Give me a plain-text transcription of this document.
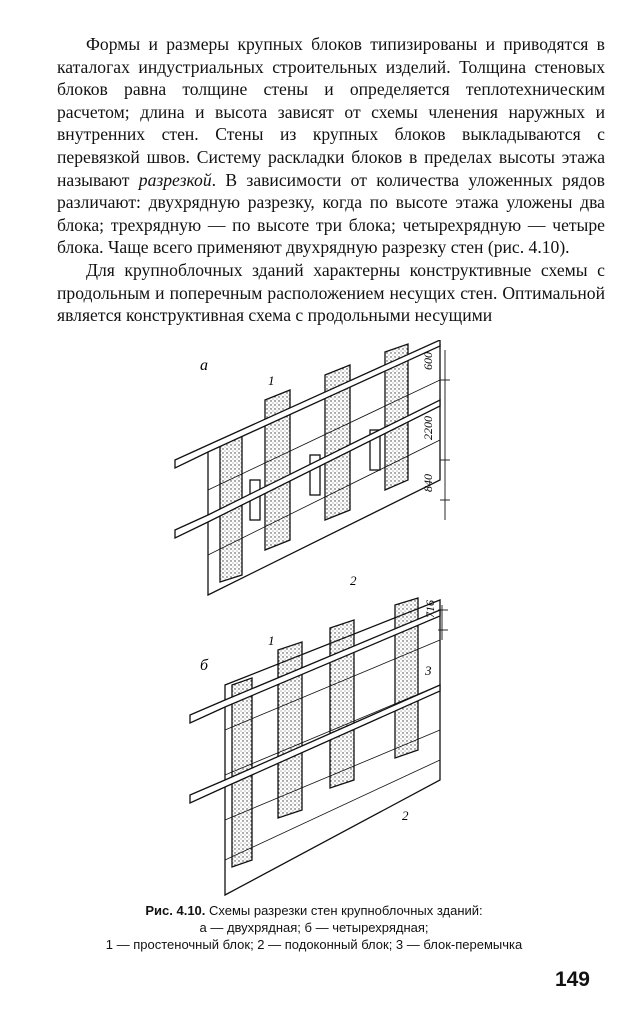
Формы и размеры крупных блоков типизированы и приводятся в каталогах индустриальных строительных изделий. Толщина стеновых блоков равна толщине стены и определяется теплотехническим расчетом; длина и высота зависят от схемы членения наружных и внутренних стен. Стены из крупных блоков выкладываются с перевязкой швов. Систему раскладки блоков в пределах высоты этажа называют разрезкой. В зависимости от количества уложенных рядов различают: двухрядную разрезку, когда по высоте этажа уложены два блока; трехрядную — по высоте три блока; четырехрядную — четыре блока. Чаще всего применяют двухрядную разрезку стен (рис. 4.10).

Для крупноблочных зданий характерны конструктивные схемы с продольным и поперечным расположением несущих стен. Оптимальной является конструктивная схема с продольными несущими

а	600
2200
840
1
2
б
716
1
3
2
Рис. 4.10. Схемы разрезки стен крупноблочных зданий:
а — двухрядная; б — четырехрядная;
1 — простеночный блок; 2 — подоконный блок; 3 — блок-перемычка
149
